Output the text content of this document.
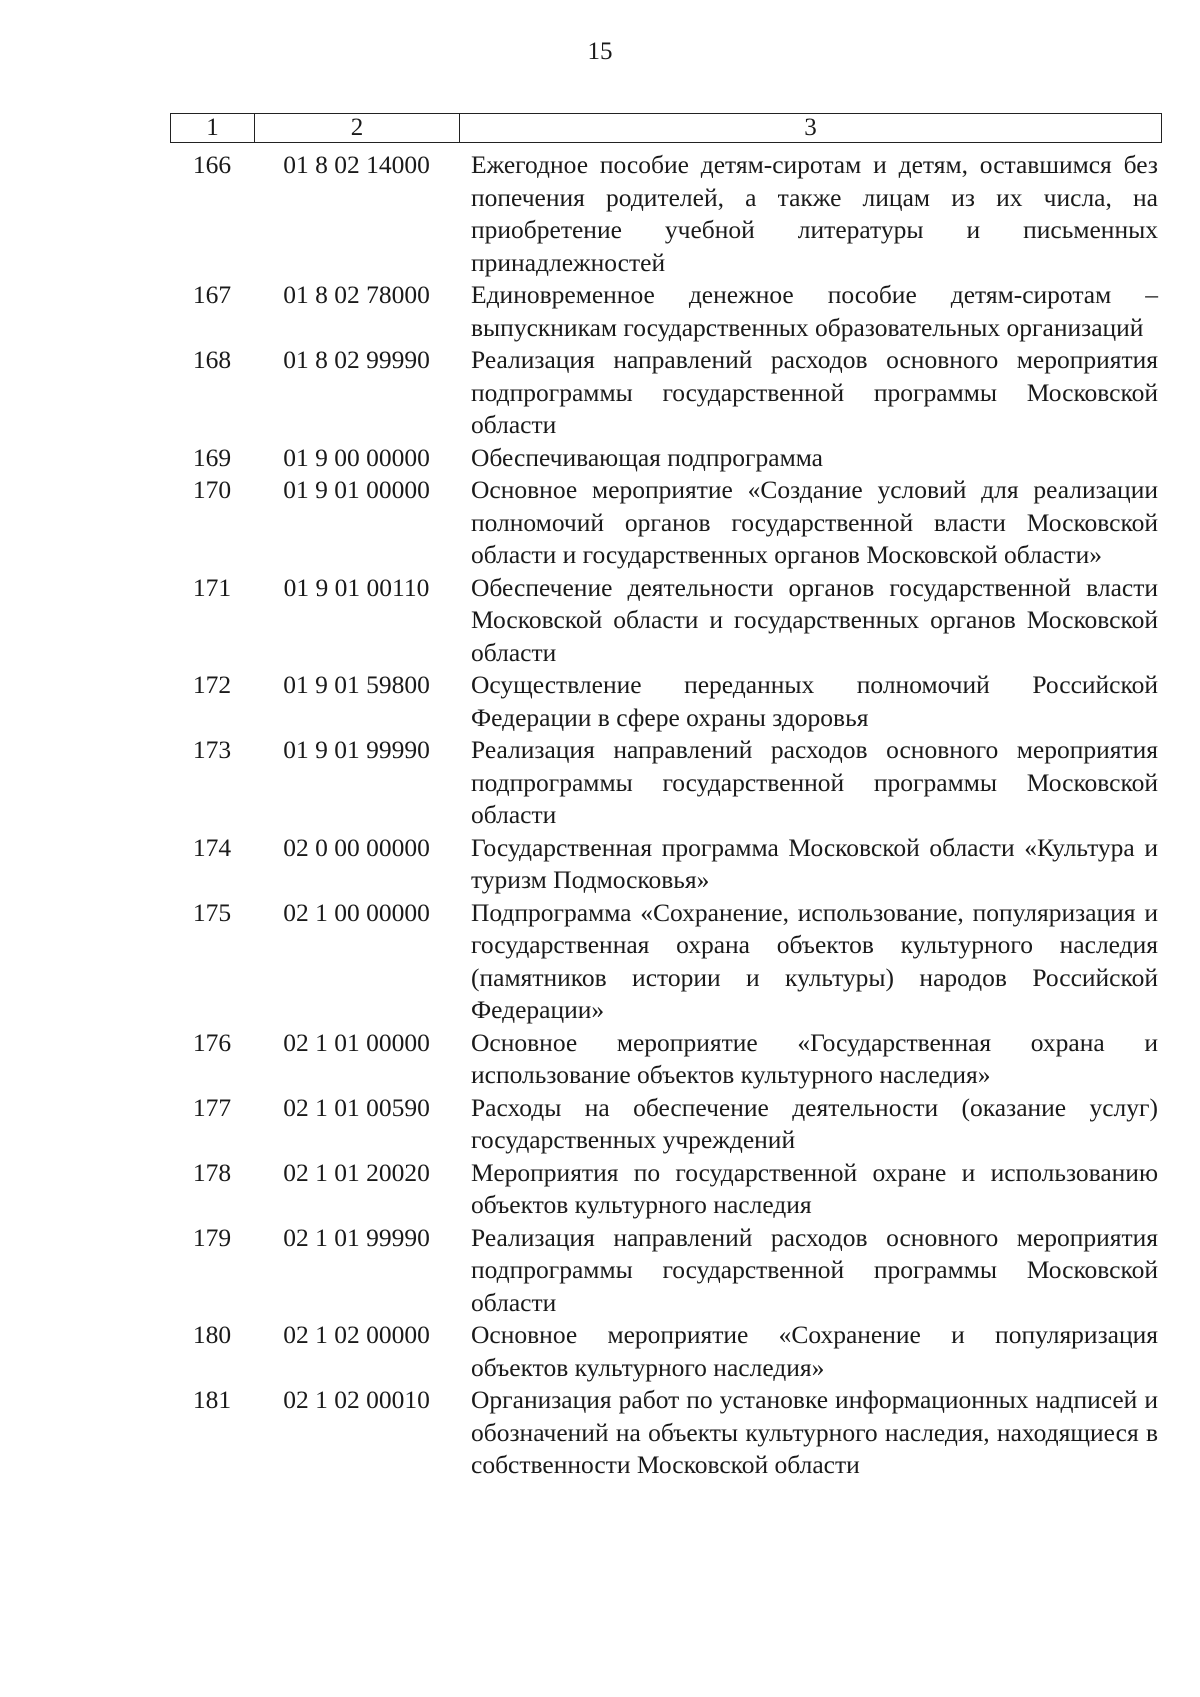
15
1	2	3
166	01 8 02 14000	Ежегодное пособие детям-сиротам и детям, оставшимся без попечения родителей, а также лицам из их числа, на приобретение учебной литературы и письменных принадлежностей
167	01 8 02 78000	Единовременное денежное пособие детям-сиротам – выпускникам государственных образовательных организаций
168	01 8 02 99990	Реализация направлений расходов основного мероприятия подпрограммы государственной программы Московской области
169	01 9 00 00000	Обеспечивающая подпрограмма
170	01 9 01 00000	Основное мероприятие «Создание условий для реализации полномочий органов государственной власти Московской области и государственных органов Московской области»
171	01 9 01 00110	Обеспечение деятельности органов государственной власти Московской области и государственных органов Московской области
172	01 9 01 59800	Осуществление переданных полномочий Российской Федерации в сфере охраны здоровья
173	01 9 01 99990	Реализация направлений расходов основного мероприятия подпрограммы государственной программы Московской области
174	02 0 00 00000	Государственная программа Московской области «Культура и туризм Подмосковья»
175	02 1 00 00000	Подпрограмма «Сохранение, использование, популяризация и государственная охрана объектов культурного наследия (памятников истории и культуры) народов Российской Федерации»
176	02 1 01 00000	Основное мероприятие «Государственная охрана и использование объектов культурного наследия»
177	02 1 01 00590	Расходы на обеспечение деятельности (оказание услуг) государственных учреждений
178	02 1 01 20020	Мероприятия по государственной охране и использованию объектов культурного наследия
179	02 1 01 99990	Реализация направлений расходов основного мероприятия подпрограммы государственной программы Московской области
180	02 1 02 00000	Основное мероприятие «Сохранение и популяризация объектов культурного наследия»
181	02 1 02 00010	Организация работ по установке информационных надписей и обозначений на объекты культурного наследия, находящиеся в собственности Московской области
